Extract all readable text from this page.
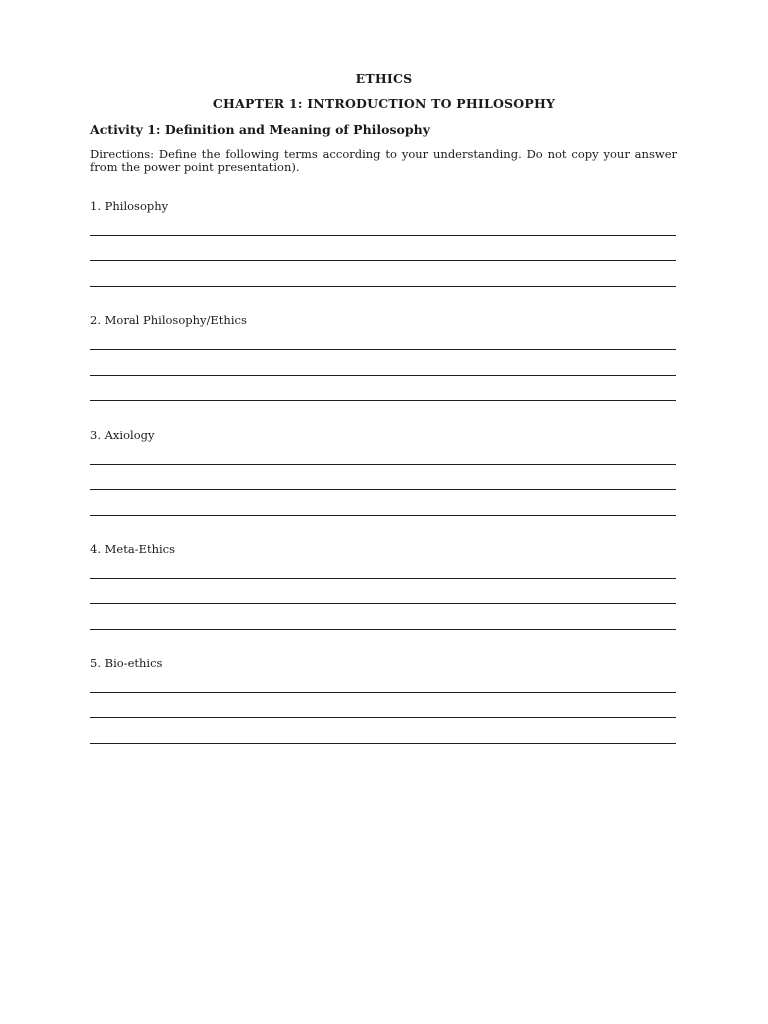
ETHICS
CHAPTER 1: INTRODUCTION TO PHILOSOPHY
Activity 1: Definition and Meaning of Philosophy
Directions: Define the following terms according to your understanding. Do not copy your answer from the power point presentation).
1. Philosophy
2. Moral Philosophy/Ethics
3. Axiology
4. Meta-Ethics
5. Bio-ethics
